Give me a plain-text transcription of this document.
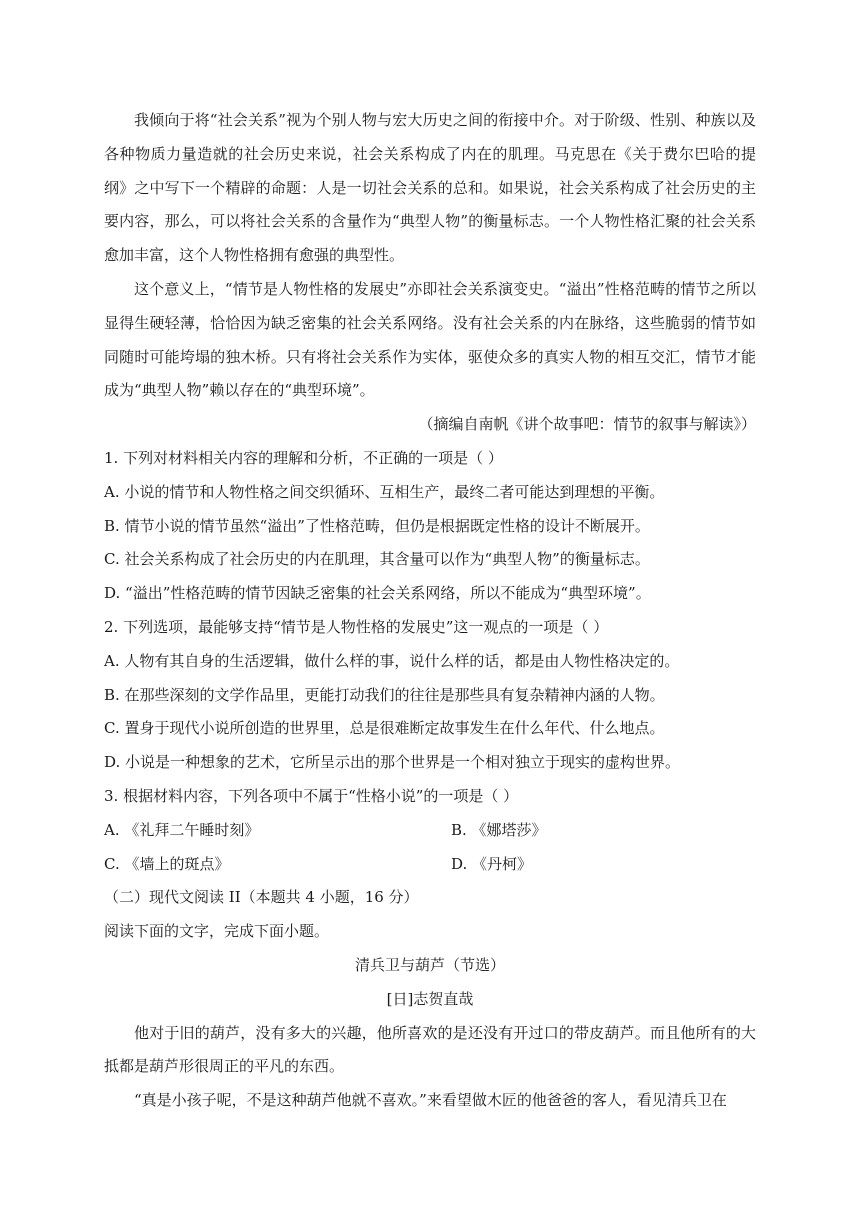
我倾向于将“社会关系”视为个别人物与宏大历史之间的衔接中介。对于阶级、性别、种族以及各种物质力量造就的社会历史来说，社会关系构成了内在的肌理。马克思在《关于费尔巴哈的提纲》之中写下一个精辟的命题：人是一切社会关系的总和。如果说，社会关系构成了社会历史的主要内容，那么，可以将社会关系的含量作为“典型人物”的衡量标志。一个人物性格汇聚的社会关系愈加丰富，这个人物性格拥有愈强的典型性。

这个意义上，“情节是人物性格的发展史”亦即社会关系演变史。“溢出”性格范畴的情节之所以显得生硬轻薄，恰恰因为缺乏密集的社会关系网络。没有社会关系的内在脉络，这些脆弱的情节如同随时可能垮塌的独木桥。只有将社会关系作为实体，驱使众多的真实人物的相互交汇，情节才能成为“典型人物”赖以存在的“典型环境”。

（摘编自南帆《讲个故事吧：情节的叙事与解读》）

1. 下列对材料相关内容的理解和分析，不正确的一项是（ ）

A. 小说的情节和人物性格之间交织循环、互相生产，最终二者可能达到理想的平衡。

B. 情节小说的情节虽然“溢出”了性格范畴，但仍是根据既定性格的设计不断展开。

C. 社会关系构成了社会历史的内在肌理，其含量可以作为“典型人物”的衡量标志。

D. “溢出”性格范畴的情节因缺乏密集的社会关系网络，所以不能成为“典型环境”。

2. 下列选项，最能够支持“情节是人物性格的发展史”这一观点的一项是（ ）

A. 人物有其自身的生活逻辑，做什么样的事，说什么样的话，都是由人物性格决定的。

B. 在那些深刻的文学作品里，更能打动我们的往往是那些具有复杂精神内涵的人物。

C. 置身于现代小说所创造的世界里，总是很难断定故事发生在什么年代、什么地点。

D. 小说是一种想象的艺术，它所呈示出的那个世界是一个相对独立于现实的虚构世界。

3. 根据材料内容，下列各项中不属于“性格小说”的一项是（ ）

A. 《礼拜二午睡时刻》	B. 《娜塔莎》
C. 《墙上的斑点》	D. 《丹柯》

（二）现代文阅读 II（本题共 4 小题，16 分）

阅读下面的文字，完成下面小题。

清兵卫与葫芦（节选）

[日]志贺直哉

他对于旧的葫芦，没有多大的兴趣，他所喜欢的是还没有开过口的带皮葫芦。而且他所有的大抵都是葫芦形很周正的平凡的东西。

“真是小孩子呢，不是这种葫芦他就不喜欢。”来看望做木匠的他爸爸的客人，看见清兵卫在
